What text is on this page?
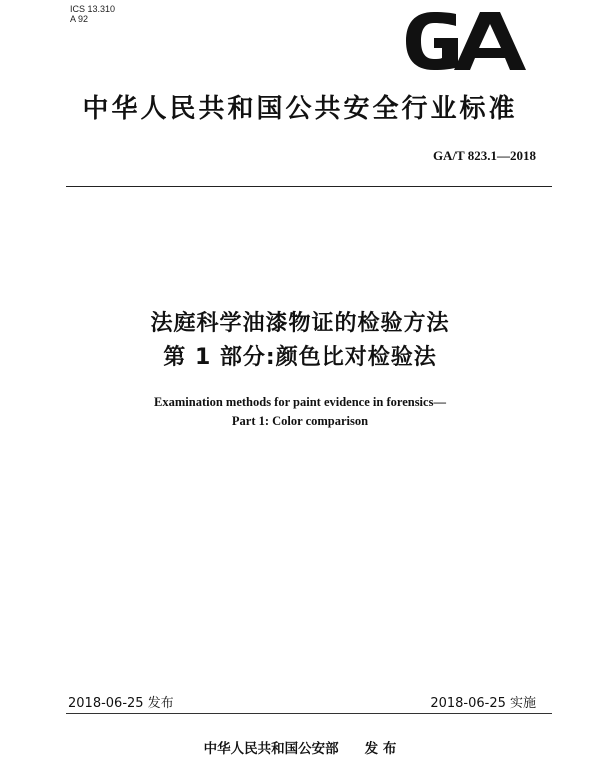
ICS 13.310
A 92
中华人民共和国公共安全行业标准
GA/T 823.1—2018
法庭科学油漆物证的检验方法
第 1 部分:颜色比对检验法
Examination methods for paint evidence in forensics—
Part 1: Color comparison
2018-06-25 发布	2018-06-25 实施
中华人民共和国公安部 发 布
